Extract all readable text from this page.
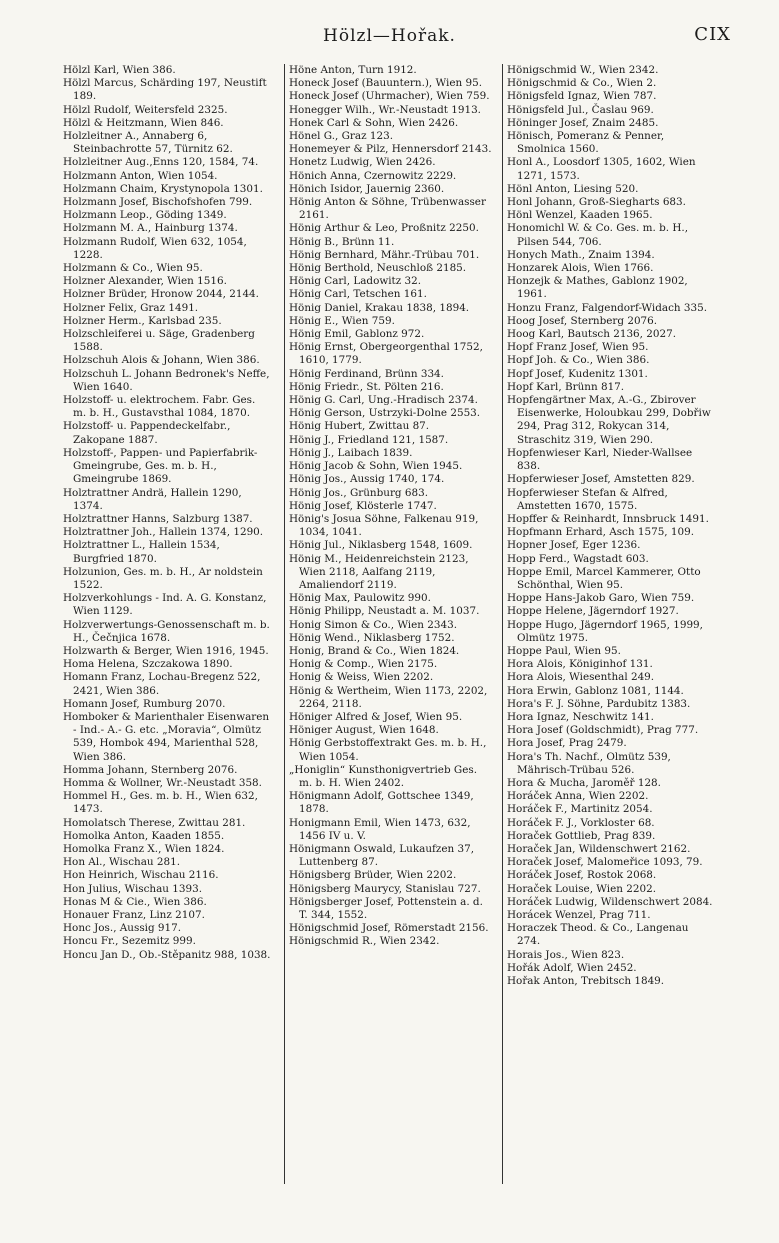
Hölzl—Hořak.	CIX

Hölzl Karl, Wien 386.

Hölzl Marcus, Schärding 197, Neustift 189.

Hölzl Rudolf, Weitersfeld 2325.

Hölzl & Heitzmann, Wien 846.

Holzleitner A., Annaberg 6, Steinbachrotte 57, Türnitz 62.

Holzleitner Aug.,Enns 120, 1584, 74.

Holzmann Anton, Wien 1054.

Holzmann Chaim, Krystynopola 1301.

Holzmann Josef, Bischofshofen 799.

Holzmann Leop., Göding 1349.

Holzmann M. A., Hainburg 1374.

Holzmann Rudolf, Wien 632, 1054, 1228.

Holzmann & Co., Wien 95.

Holzner Alexander, Wien 1516.

Holzner Brüder, Hronow 2044, 2144.

Holzner Felix, Graz 1491.

Holzner Herm., Karlsbad 235.

Holzschleiferei u. Säge, Gradenberg 1588.

Holzschuh Alois & Johann, Wien 386.

Holzschuh L. Johann Bedronek's Neffe, Wien 1640.

Holzstoff- u. elektrochem. Fabr. Ges. m. b. H., Gustavsthal 1084, 1870.

Holzstoff- u. Pappendeckelfabr., Zakopane 1887.

Holzstoff-, Pappen- und Papierfabrik-Gmeingrube, Ges. m. b. H., Gmeingrube 1869.

Holztrattner Andrä, Hallein 1290, 1374.

Holztrattner Hanns, Salzburg 1387.

Holztrattner Joh., Hallein 1374, 1290.

Holztrattner L., Hallein 1534, Burgfried 1870.

Holzunion, Ges. m. b. H., Ar noldstein 1522.

Holzverkohlungs - Ind. A. G. Konstanz, Wien 1129.

Holzverwertungs-Genossenschaft m. b. H., Čečnjica 1678.

Holzwarth & Berger, Wien 1916, 1945.

Homa Helena, Szczakowa 1890.

Homann Franz, Lochau-Bregenz 522, 2421, Wien 386.

Homann Josef, Rumburg 2070.

Homboker & Marienthaler Eisenwaren - Ind.- A.- G. etc. „Moravia“, Olmütz 539, Hombok 494, Marienthal 528, Wien 386.

Homma Johann, Sternberg 2076.

Homma & Wollner, Wr.-Neustadt 358.

Hommel H., Ges. m. b. H., Wien 632, 1473.

Homolatsch Therese, Zwittau 281.

Homolka Anton, Kaaden 1855.

Homolka Franz X., Wien 1824.

Hon Al., Wischau 281.

Hon Heinrich, Wischau 2116.

Hon Julius, Wischau 1393.

Honas M & Cie., Wien 386.

Honauer Franz, Linz 2107.

Honc Jos., Aussig 917.

Honcu Fr., Sezemitz 999.

Honcu Jan D., Ob.-Stěpanitz 988, 1038.

Höne Anton, Turn 1912.

Honeck Josef (Bauuntern.), Wien 95.

Honeck Josef (Uhrmacher), Wien 759.

Honegger Wilh., Wr.-Neustadt 1913.

Honek Carl & Sohn, Wien 2426.

Hönel G., Graz 123.

Honemeyer & Pilz, Hennersdorf 2143.

Honetz Ludwig, Wien 2426.

Hönich Anna, Czernowitz 2229.

Hönich Isidor, Jauernig 2360.

Hönig Anton & Söhne, Trübenwasser 2161.

Hönig Arthur & Leo, Proßnitz 2250.

Hönig B., Brünn 11.

Hönig Bernhard, Mähr.-Trübau 701.

Hönig Berthold, Neuschloß 2185.

Hönig Carl, Ladowitz 32.

Hönig Carl, Tetschen 161.

Hönig Daniel, Krakau 1838, 1894.

Hönig E., Wien 759.

Hönig Emil, Gablonz 972.

Hönig Ernst, Obergeorgenthal 1752, 1610, 1779.

Hönig Ferdinand, Brünn 334.

Hönig Friedr., St. Pölten 216.

Hönig G. Carl, Ung.-Hradisch 2374.

Hönig Gerson, Ustrzyki-Dolne 2553.

Hönig Hubert, Zwittau 87.

Hönig J., Friedland 121, 1587.

Hönig J., Laibach 1839.

Hönig Jacob & Sohn, Wien 1945.

Hönig Jos., Aussig 1740, 174.

Hönig Jos., Grünburg 683.

Hönig Josef, Klösterle 1747.

Hönig's Josua Söhne, Falkenau 919, 1034, 1041.

Hönig Jul., Niklasberg 1548, 1609.

Hönig M., Heidenreichstein 2123, Wien 2118, Aalfang 2119, Amaliendorf 2119.

Hönig Max, Paulowitz 990.

Hönig Philipp, Neustadt a. M. 1037.

Honig Simon & Co., Wien 2343.

Hönig Wend., Niklasberg 1752.

Honig, Brand & Co., Wien 1824.

Honig & Comp., Wien 2175.

Honig & Weiss, Wien 2202.

Hönig & Wertheim, Wien 1173, 2202, 2264, 2118.

Höniger Alfred & Josef, Wien 95.

Höniger August, Wien 1648.

Hönig Gerbstoffextrakt Ges. m. b. H., Wien 1054.

„Honiglin“ Kunsthonigvertrieb Ges. m. b. H. Wien 2402.

Hönigmann Adolf, Gottschee 1349, 1878.

Honigmann Emil, Wien 1473, 632, 1456 IV u. V.

Hönigmann Oswald, Lukaufzen 37, Luttenberg 87.

Hönigsberg Brüder, Wien 2202.

Hönigsberg Maurycy, Stanislau 727.

Hönigsberger Josef, Pottenstein a. d. T. 344, 1552.

Hönigschmid Josef, Römerstadt 2156.

Hönigschmid R., Wien 2342.

Hönigschmid W., Wien 2342.

Hönigschmid & Co., Wien 2.

Hönigsfeld Ignaz, Wien 787.

Hönigsfeld Jul., Časlau 969.

Höninger Josef, Znaim 2485.

Hönisch, Pomeranz & Penner, Smolnica 1560.

Honl A., Loosdorf 1305, 1602, Wien 1271, 1573.

Hönl Anton, Liesing 520.

Honl Johann, Groß-Siegharts 683.

Hönl Wenzel, Kaaden 1965.

Honomichl W. & Co. Ges. m. b. H., Pilsen 544, 706.

Honych Math., Znaim 1394.

Honzarek Alois, Wien 1766.

Honzejk & Mathes, Gablonz 1902, 1961.

Honzu Franz, Falgendorf-Widach 335.

Hoog Josef, Sternberg 2076.

Hoog Karl, Bautsch 2136, 2027.

Hopf Franz Josef, Wien 95.

Hopf Joh. & Co., Wien 386.

Hopf Josef, Kudenitz 1301.

Hopf Karl, Brünn 817.

Hopfengärtner Max, A.-G., Zbirover Eisenwerke, Holoubkau 299, Dobřiw 294, Prag 312, Rokycan 314, Straschitz 319, Wien 290.

Hopfenwieser Karl, Nieder-Wallsee 838.

Hopferwieser Josef, Amstetten 829.

Hopferwieser Stefan & Alfred, Amstetten 1670, 1575.

Hopffer & Reinhardt, Innsbruck 1491.

Hopfmann Erhard, Asch 1575, 109.

Hopner Josef, Eger 1236.

Hopp Ferd., Wagstadt 603.

Hoppe Emil, Marcel Kammerer, Otto Schönthal, Wien 95.

Hoppe Hans-Jakob Garo, Wien 759.

Hoppe Helene, Jägerndorf 1927.

Hoppe Hugo, Jägerndorf 1965, 1999, Olmütz 1975.

Hoppe Paul, Wien 95.

Hora Alois, Königinhof 131.

Hora Alois, Wiesenthal 249.

Hora Erwin, Gablonz 1081, 1144.

Hora's F. J. Söhne, Pardubitz 1383.

Hora Ignaz, Neschwitz 141.

Hora Josef (Goldschmidt), Prag 777.

Hora Josef, Prag 2479.

Hora's Th. Nachf., Olmütz 539, Mährisch-Trübau 526.

Hora & Mucha, Jaroměř 128.

Horáček Anna, Wien 2202.

Horáček F., Martinitz 2054.

Horáček F. J., Vorkloster 68.

Horaček Gottlieb, Prag 839.

Horaček Jan, Wildenschwert 2162.

Horaček Josef, Malomeřice 1093, 79.

Horáček Josef, Rostok 2068.

Horaček Louise, Wien 2202.

Horáček Ludwig, Wildenschwert 2084.

Horácek Wenzel, Prag 711.

Horaczek Theod. & Co., Langenau 274.

Horais Jos., Wien 823.

Hořák Adolf, Wien 2452.

Hořak Anton, Trebitsch 1849.
